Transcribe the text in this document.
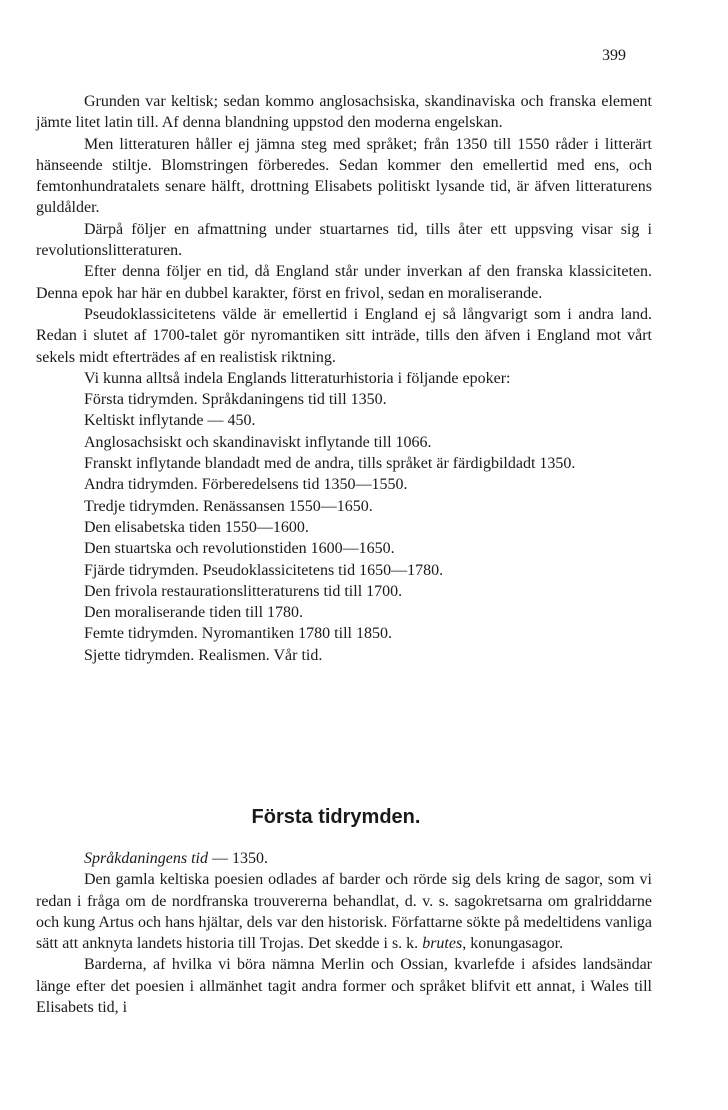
399

Grunden var keltisk; sedan kommo anglosachsiska, skandinaviska och franska element jämte litet latin till. Af denna blandning uppstod den moderna engelskan.

Men litteraturen håller ej jämna steg med språket; från 1350 till 1550 råder i litterärt hänseende stiltje. Blomstringen förberedes. Sedan kommer den emellertid med ens, och femtonhundratalets senare hälft, drottning Elisabets politiskt lysande tid, är äfven litteraturens guldålder.

Därpå följer en afmattning under stuartarnes tid, tills åter ett uppsving visar sig i revolutionslitteraturen.

Efter denna följer en tid, då England står under inverkan af den franska klassiciteten. Denna epok har här en dubbel karakter, först en frivol, sedan en moraliserande.

Pseudoklassicitetens välde är emellertid i England ej så långvarigt som i andra land. Redan i slutet af 1700-talet gör nyromantiken sitt inträde, tills den äfven i England mot vårt sekels midt efterträdes af en realistisk riktning.

Vi kunna alltså indela Englands litteraturhistoria i följande epoker:

Första tidrymden. Språkdaningens tid till 1350.

Keltiskt inflytande — 450.

Anglosachsiskt och skandinaviskt inflytande till 1066.

Franskt inflytande blandadt med de andra, tills språket är färdigbildadt 1350.

Andra tidrymden. Förberedelsens tid 1350—1550.

Tredje tidrymden. Renässansen 1550—1650.

Den elisabetska tiden 1550—1600.

Den stuartska och revolutionstiden 1600—1650.

Fjärde tidrymden. Pseudoklassicitetens tid 1650—1780.

Den frivola restaurationslitteraturens tid till 1700.

Den moraliserande tiden till 1780.

Femte tidrymden. Nyromantiken 1780 till 1850.

Sjette tidrymden. Realismen. Vår tid.

Första tidrymden.

Språkdaningens tid — 1350.

Den gamla keltiska poesien odlades af barder och rörde sig dels kring de sagor, som vi redan i fråga om de nordfranska trouvererna behandlat, d. v. s. sagokretsarna om gralriddarne och kung Artus och hans hjältar, dels var den historisk. Författarne sökte på medeltidens vanliga sätt att anknyta landets historia till Trojas. Det skedde i s. k. brutes, konungasagor.

Barderna, af hvilka vi böra nämna Merlin och Ossian, kvarlefde i afsides landsändar länge efter det poesien i allmänhet tagit andra former och språket blifvit ett annat, i Wales till Elisabets tid, i
